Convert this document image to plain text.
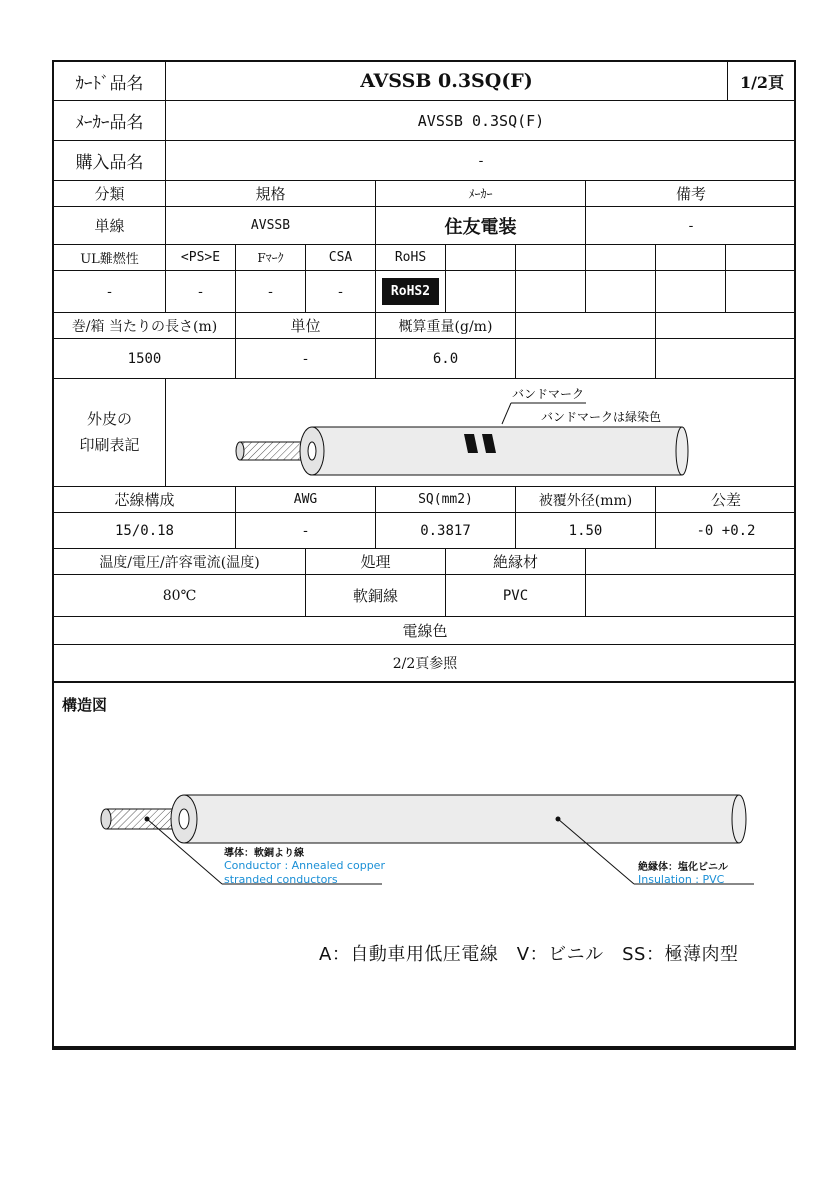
ｶｰﾄﾞ品名	AVSSB 0.3SQ(F)	1/2頁
ﾒｰｶｰ品名	AVSSB 0.3SQ(F)
購入品名	-
分類	規格	ﾒｰｶｰ	備考
単線	AVSSB	住友電装	-
UL難燃性	<PS>E	Fﾏｰｸ	CSA	RoHS
-	-	-	-	RoHS2
巻/箱 当たりの長さ(m)	単位	概算重量(g/m)
1500	-	6.0
外皮の
印刷表記
バンドマーク
バンドマークは緑染色
芯線構成	AWG	SQ(mm2)	被覆外径(mm)	公差
15/0.18	-	0.3817	1.50	-0 +0.2
温度/電圧/許容電流(温度)	処理	絶縁材
80℃	軟銅線	PVC
電線色
2/2頁参照
構造図
導体：軟銅より線
Conductor : Annealed copper
stranded conductors
絶縁体：塩化ビニル
Insulation : PVC
A：自動車用低圧電線　V：ビニル　SS：極薄肉型
